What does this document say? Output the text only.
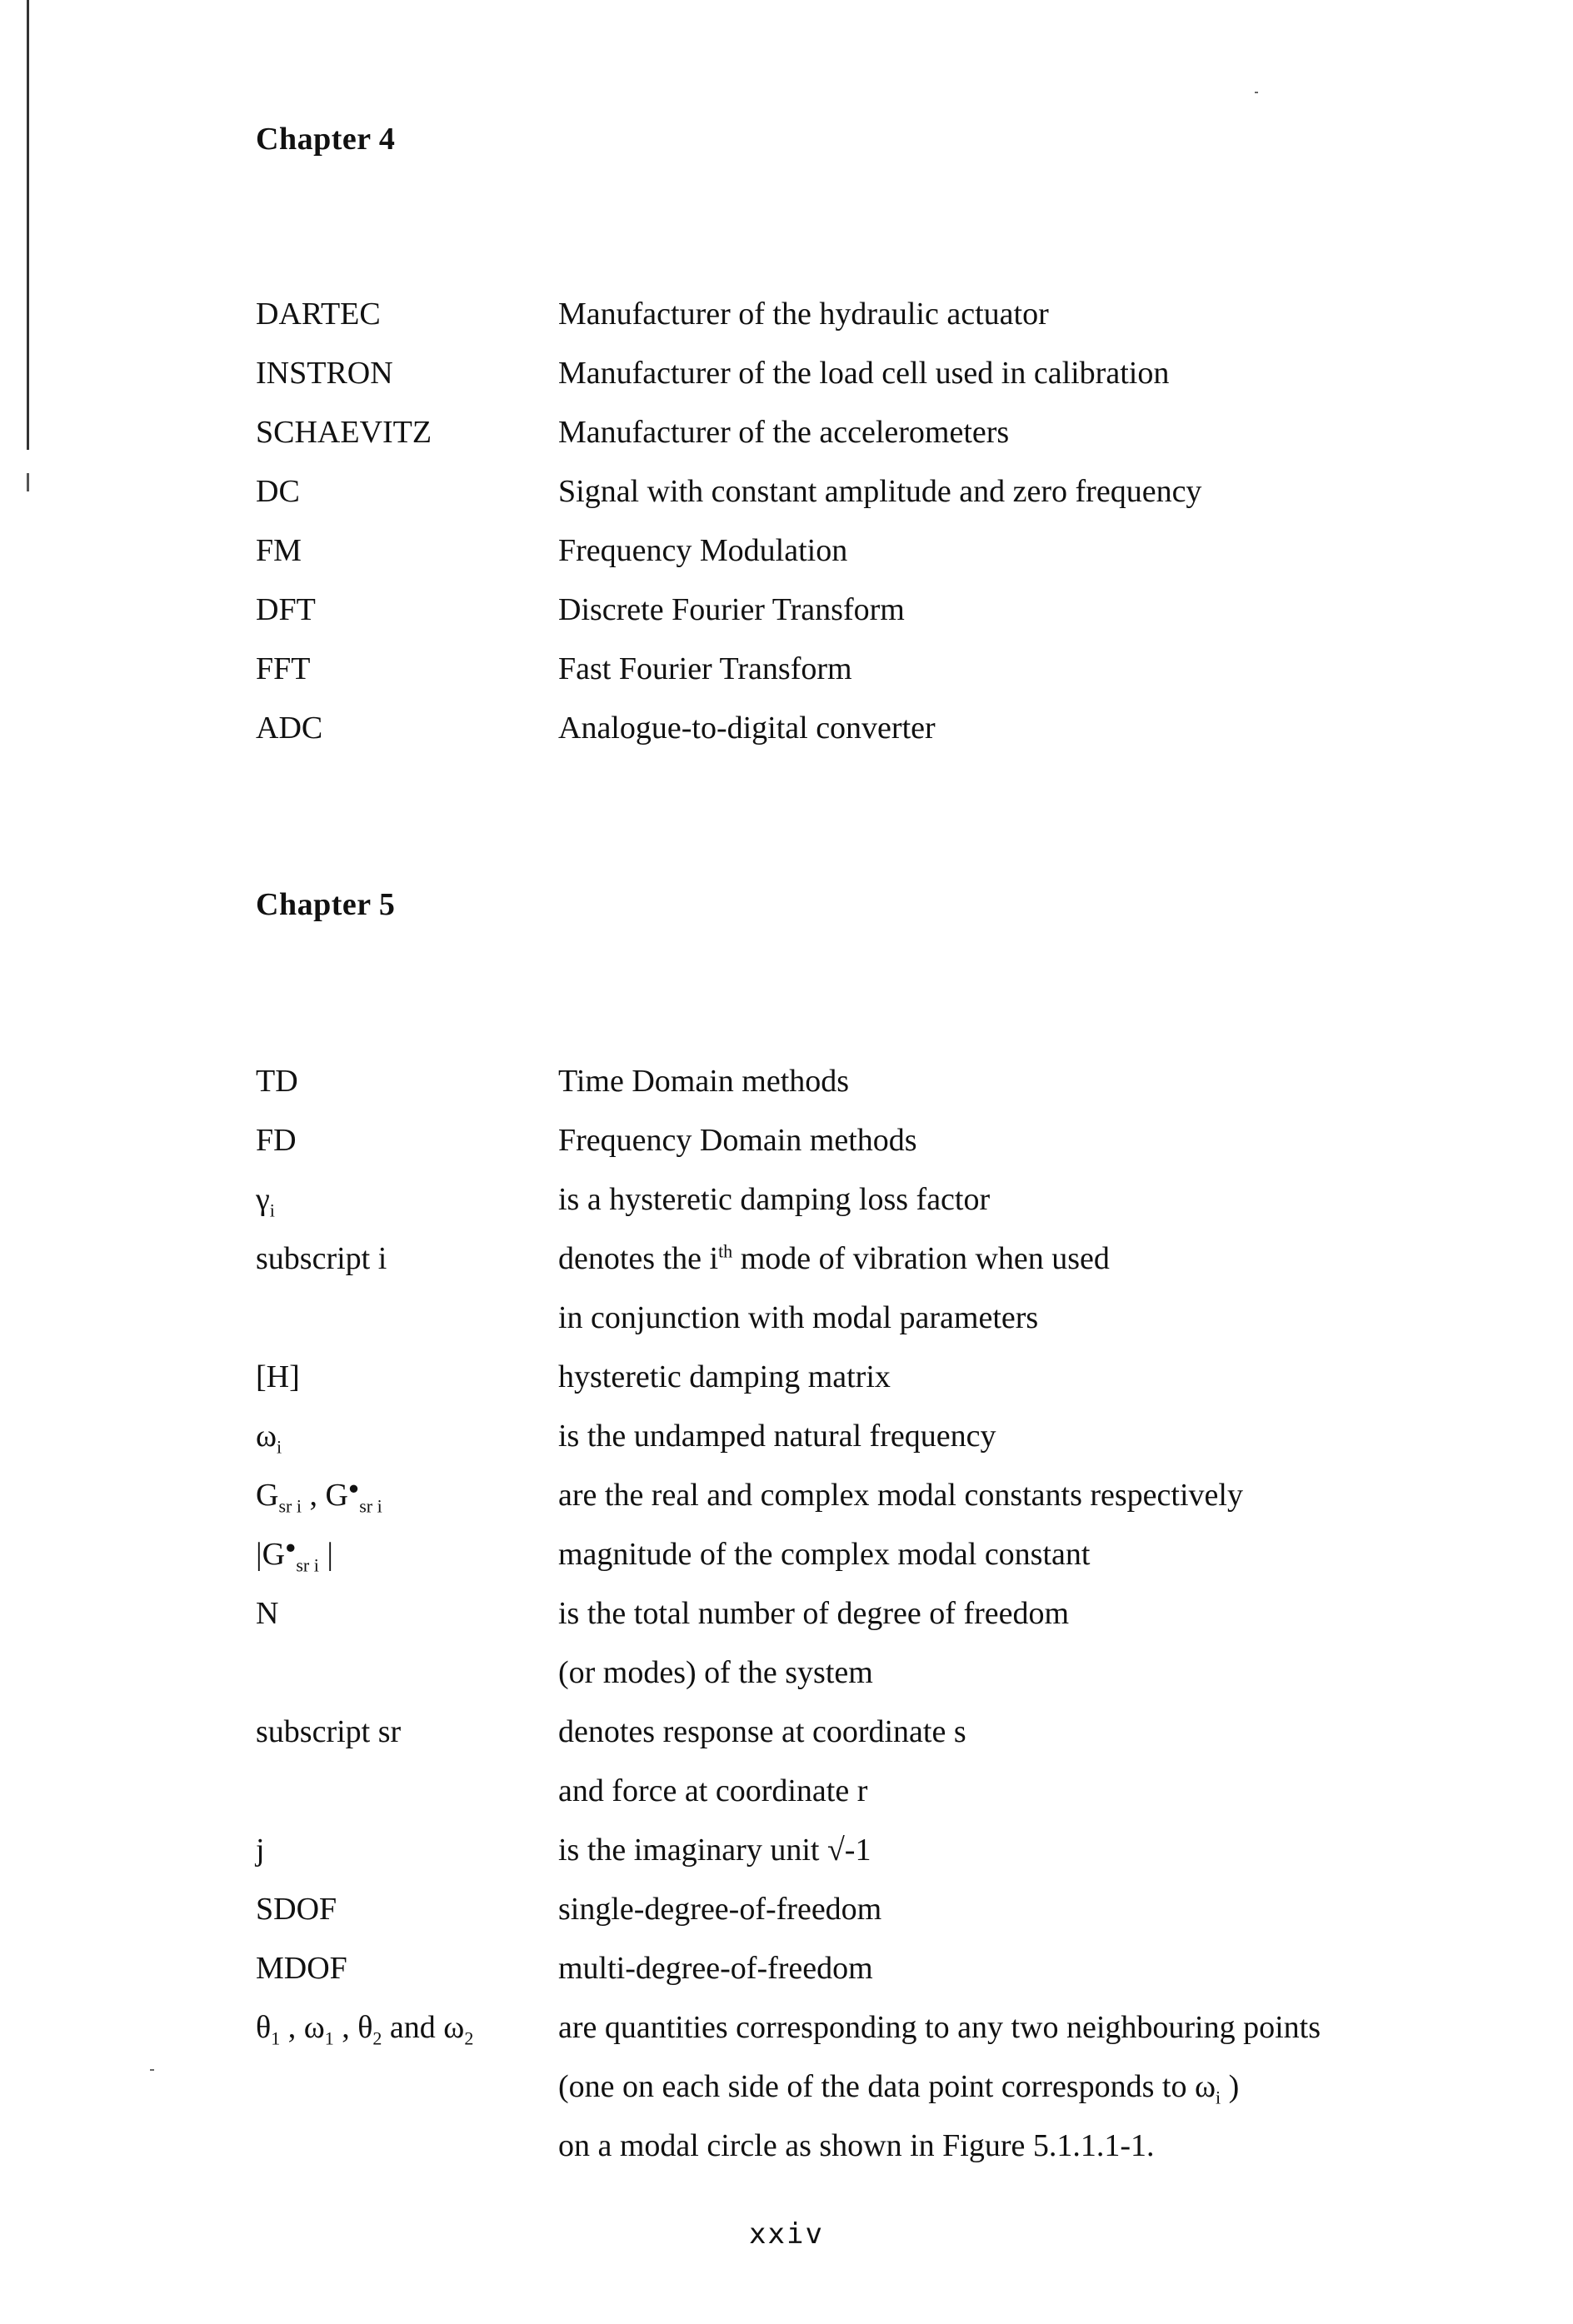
Chapter 4
DARTEC	Manufacturer of the hydraulic actuator
INSTRON	Manufacturer of the load cell used in calibration
SCHAEVITZ	Manufacturer of the accelerometers
DC	Signal with constant amplitude and zero frequency
FM	Frequency Modulation
DFT	Discrete Fourier Transform
FFT	Fast Fourier Transform
ADC	Analogue-to-digital converter
Chapter 5
TD	Time Domain methods
FD	Frequency Domain methods
$\gamma_i$	is a hysteretic damping loss factor
subscript i	denotes the $i^{th}$ mode of vibration when used
in conjunction with modal parameters
[H]	hysteretic damping matrix
$\omega_i$	is the undamped natural frequency
$G_{sr i}$ , $G^●_{sr i}$	are the real and complex modal constants respectively
$|G^●_{sr i}$ |	magnitude of the complex modal constant
N	is the total number of degree of freedom
(or modes) of the system
subscript sr	denotes response at coordinate s
and force at coordinate r
j	is the imaginary unit √-1
SDOF	single-degree-of-freedom
MDOF	multi-degree-of-freedom
$\theta_1$ , $\omega_1$ , $\theta_2$ and $\omega_2$	are quantities corresponding to any two neighbouring points
(one on each side of the data point corresponds to $\omega_i$ )
on a modal circle as shown in Figure 5.1.1.1-1.
xxiv
